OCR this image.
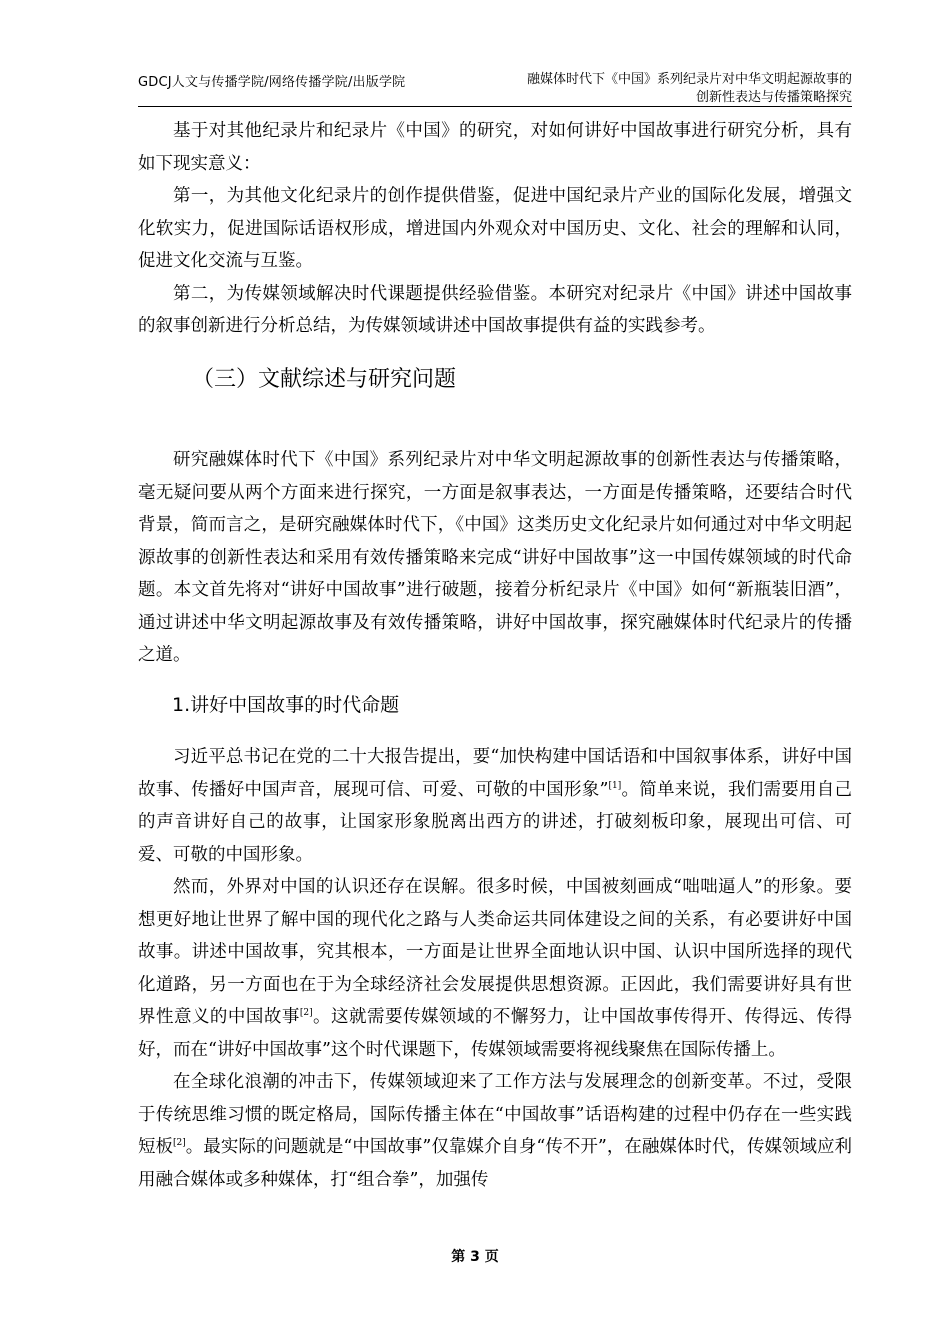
GDCJ人文与传播学院/网络传播学院/出版学院	融媒体时代下《中国》系列纪录片对中华文明起源故事的
创新性表达与传播策略探究

基于对其他纪录片和纪录片《中国》的研究，对如何讲好中国故事进行研究分析，具有如下现实意义：

第一，为其他文化纪录片的创作提供借鉴，促进中国纪录片产业的国际化发展，增强文化软实力，促进国际话语权形成，增进国内外观众对中国历史、文化、社会的理解和认同，促进文化交流与互鉴。

第二，为传媒领域解决时代课题提供经验借鉴。本研究对纪录片《中国》讲述中国故事的叙事创新进行分析总结，为传媒领域讲述中国故事提供有益的实践参考。

（三）文献综述与研究问题

研究融媒体时代下《中国》系列纪录片对中华文明起源故事的创新性表达与传播策略，毫无疑问要从两个方面来进行探究，一方面是叙事表达，一方面是传播策略，还要结合时代背景，简而言之，是研究融媒体时代下，《中国》这类历史文化纪录片如何通过对中华文明起源故事的创新性表达和采用有效传播策略来完成“讲好中国故事”这一中国传媒领域的时代命题。本文首先将对“讲好中国故事”进行破题，接着分析纪录片《中国》如何“新瓶装旧酒”，通过讲述中华文明起源故事及有效传播策略，讲好中国故事，探究融媒体时代纪录片的传播之道。

1.讲好中国故事的时代命题

习近平总书记在党的二十大报告提出，要“加快构建中国话语和中国叙事体系，讲好中国故事、传播好中国声音，展现可信、可爱、可敬的中国形象”[1]。简单来说，我们需要用自己的声音讲好自己的故事，让国家形象脱离出西方的讲述，打破刻板印象，展现出可信、可爱、可敬的中国形象。

然而，外界对中国的认识还存在误解。很多时候，中国被刻画成“咄咄逼人”的形象。要想更好地让世界了解中国的现代化之路与人类命运共同体建设之间的关系，有必要讲好中国故事。讲述中国故事，究其根本，一方面是让世界全面地认识中国、认识中国所选择的现代化道路，另一方面也在于为全球经济社会发展提供思想资源。正因此，我们需要讲好具有世界性意义的中国故事[2]。这就需要传媒领域的不懈努力，让中国故事传得开、传得远、传得好，而在“讲好中国故事”这个时代课题下，传媒领域需要将视线聚焦在国际传播上。

在全球化浪潮的冲击下，传媒领域迎来了工作方法与发展理念的创新变革。不过，受限于传统思维习惯的既定格局，国际传播主体在“中国故事”话语构建的过程中仍存在一些实践短板[2]。最实际的问题就是“中国故事”仅靠媒介自身“传不开”，在融媒体时代，传媒领域应利用融合媒体或多种媒体，打“组合拳”，加强传

第 3 页
